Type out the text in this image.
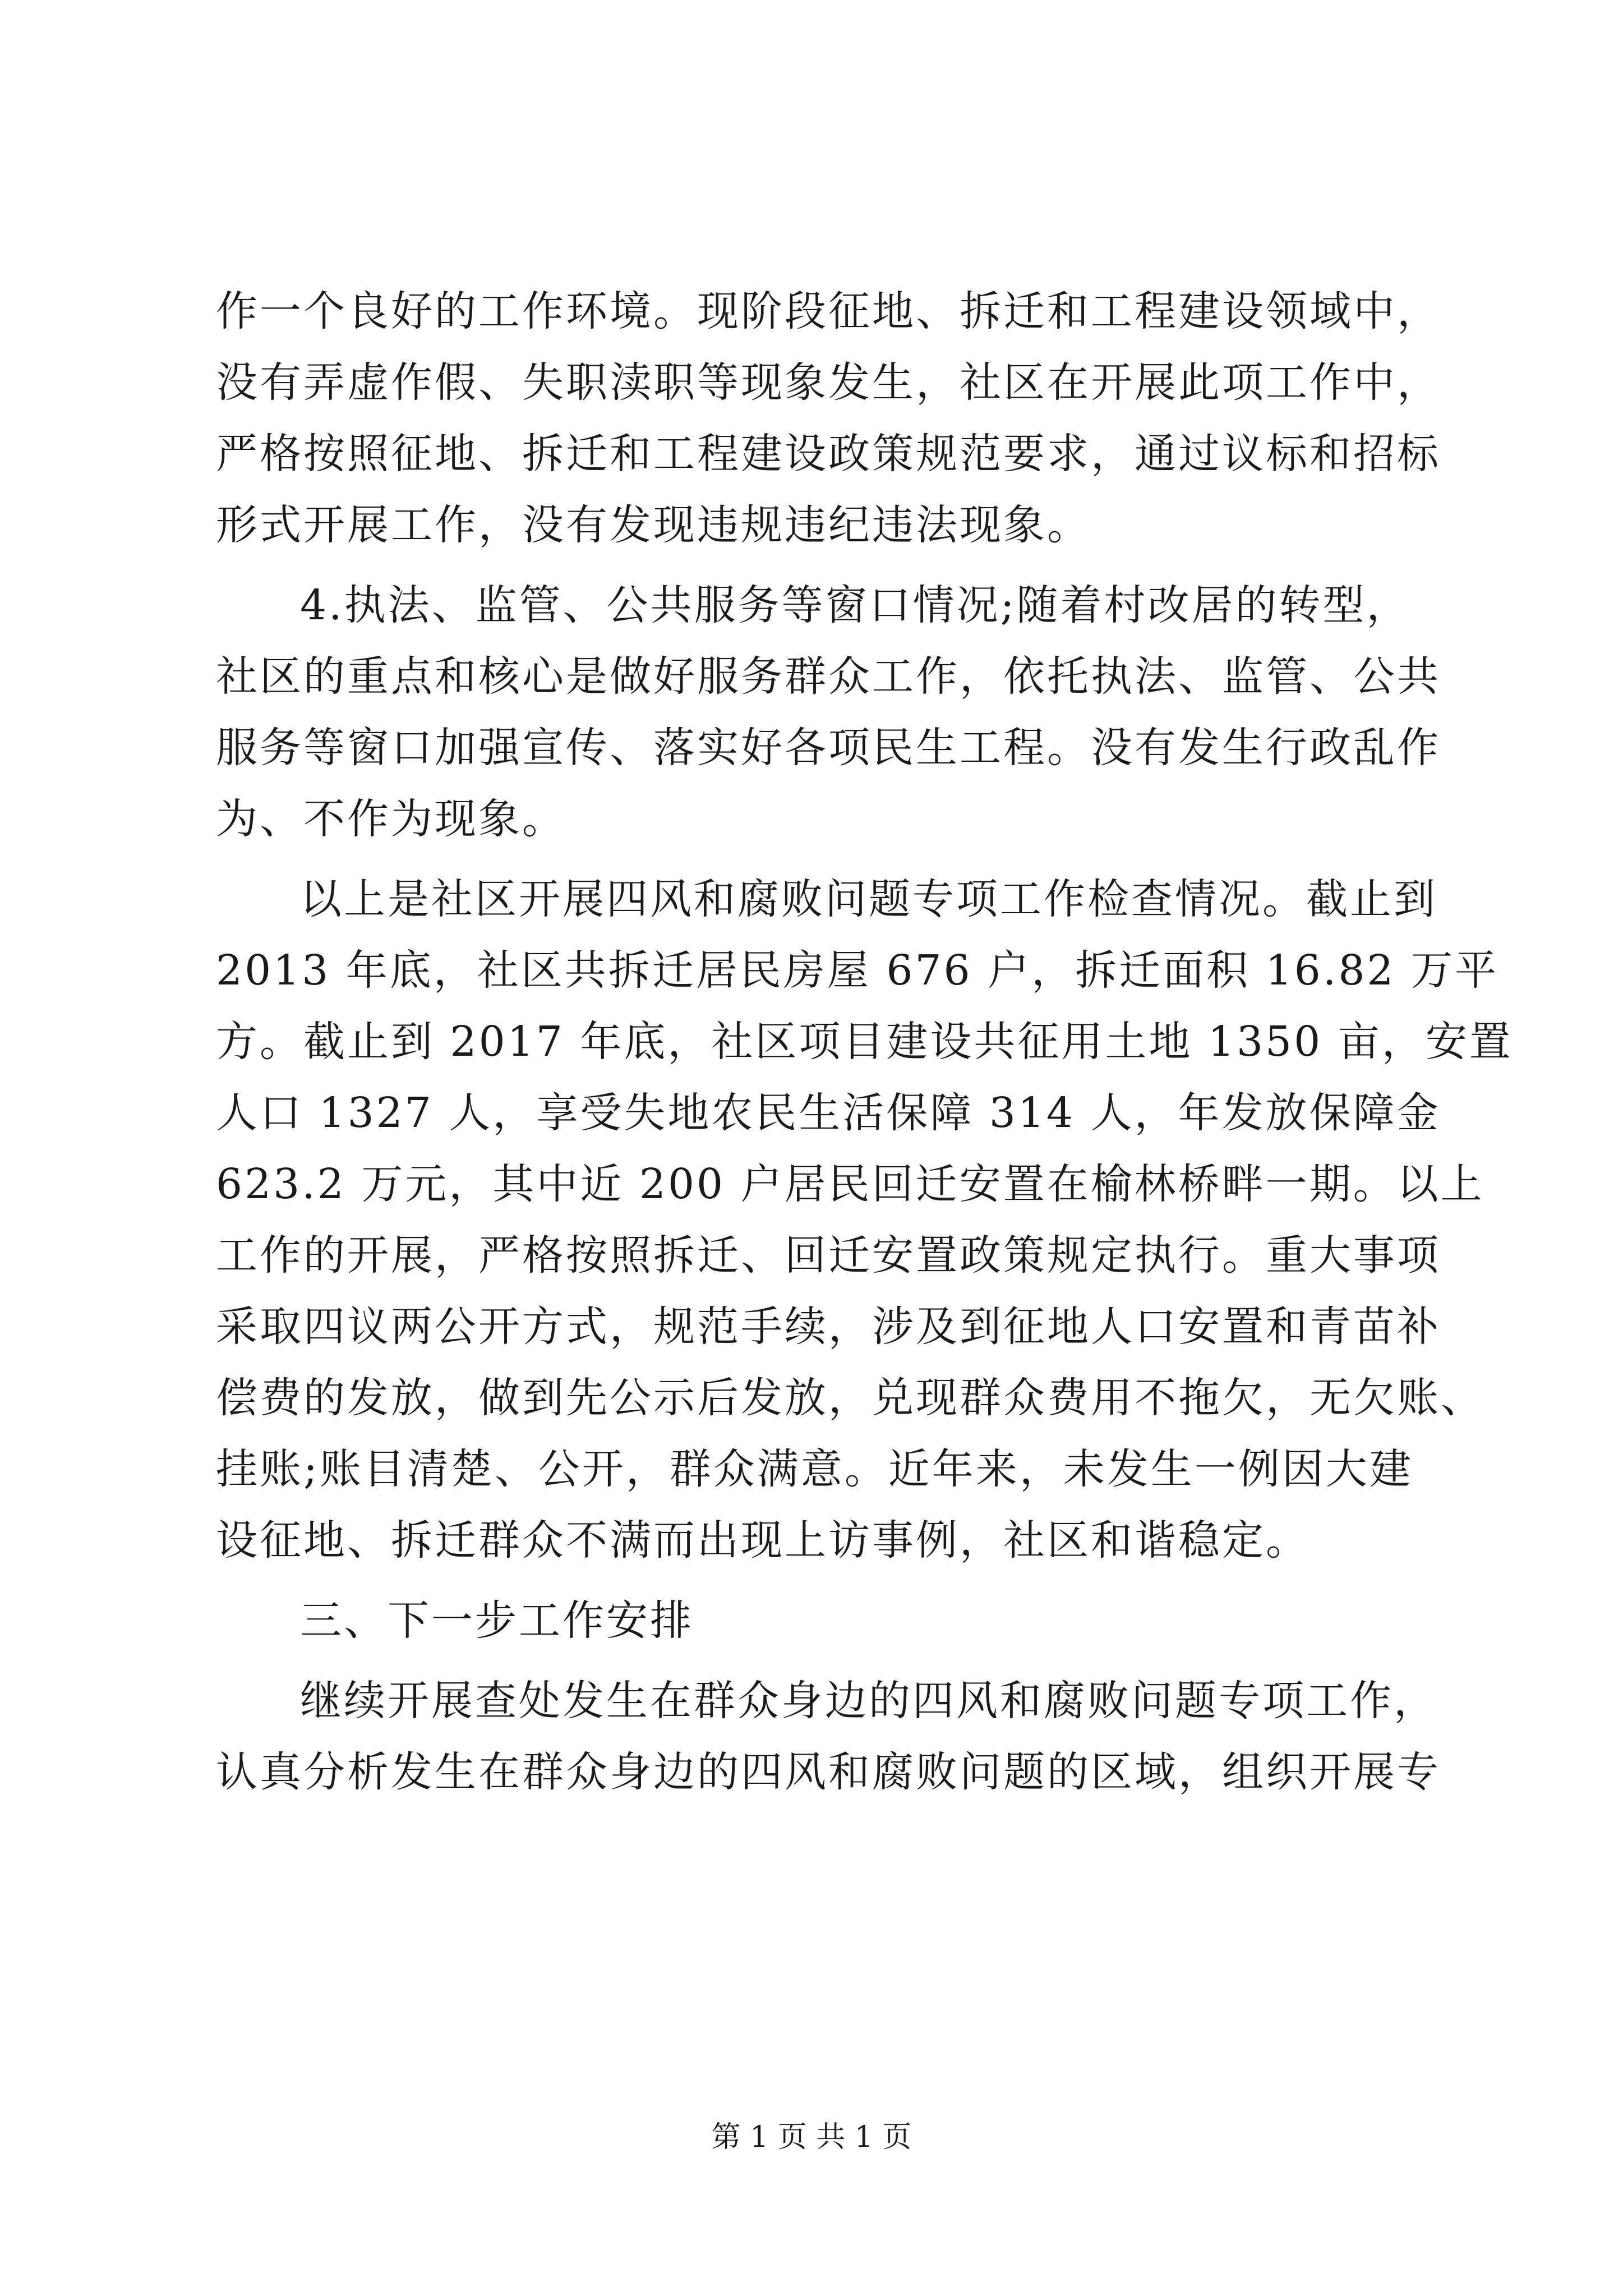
作一个良好的工作环境。现阶段征地、拆迁和工程建设领域中，
没有弄虚作假、失职渎职等现象发生，社区在开展此项工作中，
严格按照征地、拆迁和工程建设政策规范要求，通过议标和招标
形式开展工作，没有发现违规违纪违法现象。
4.执法、监管、公共服务等窗口情况;随着村改居的转型，
社区的重点和核心是做好服务群众工作，依托执法、监管、公共
服务等窗口加强宣传、落实好各项民生工程。没有发生行政乱作
为、不作为现象。
以上是社区开展四风和腐败问题专项工作检查情况。截止到
2013 年底，社区共拆迁居民房屋 676 户，拆迁面积 16.82 万平
方。截止到 2017 年底，社区项目建设共征用土地 1350 亩，安置
人口 1327 人，享受失地农民生活保障 314 人，年发放保障金
623.2 万元，其中近 200 户居民回迁安置在榆林桥畔一期。以上
工作的开展，严格按照拆迁、回迁安置政策规定执行。重大事项
采取四议两公开方式，规范手续，涉及到征地人口安置和青苗补
偿费的发放，做到先公示后发放，兑现群众费用不拖欠，无欠账、
挂账;账目清楚、公开，群众满意。近年来，未发生一例因大建
设征地、拆迁群众不满而出现上访事例，社区和谐稳定。
三、下一步工作安排
继续开展查处发生在群众身边的四风和腐败问题专项工作，
认真分析发生在群众身边的四风和腐败问题的区域，组织开展专
第 1 页 共 1 页
